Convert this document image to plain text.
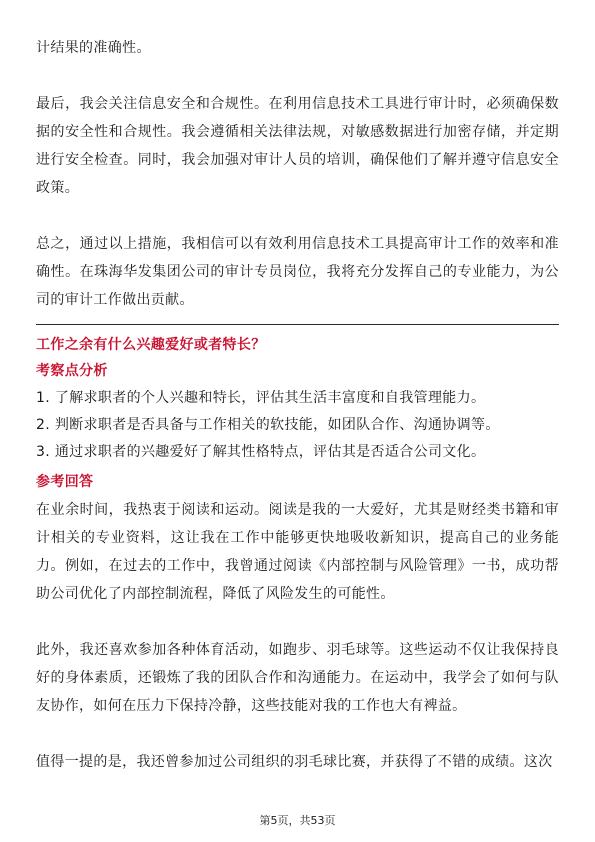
计结果的准确性。

最后，我会关注信息安全和合规性。在利用信息技术工具进行审计时，必须确保数据的安全性和合规性。我会遵循相关法律法规，对敏感数据进行加密存储，并定期进行安全检查。同时，我会加强对审计人员的培训，确保他们了解并遵守信息安全政策。

总之，通过以上措施，我相信可以有效利用信息技术工具提高审计工作的效率和准确性。在珠海华发集团公司的审计专员岗位，我将充分发挥自己的专业能力，为公司的审计工作做出贡献。

工作之余有什么兴趣爱好或者特长？
考察点分析
1. 了解求职者的个人兴趣和特长，评估其生活丰富度和自我管理能力。
2. 判断求职者是否具备与工作相关的软技能，如团队合作、沟通协调等。
3. 通过求职者的兴趣爱好了解其性格特点，评估其是否适合公司文化。
参考回答

在业余时间，我热衷于阅读和运动。阅读是我的一大爱好，尤其是财经类书籍和审计相关的专业资料，这让我在工作中能够更快地吸收新知识，提高自己的业务能力。例如，在过去的工作中，我曾通过阅读《内部控制与风险管理》一书，成功帮助公司优化了内部控制流程，降低了风险发生的可能性。

此外，我还喜欢参加各种体育活动，如跑步、羽毛球等。这些运动不仅让我保持良好的身体素质，还锻炼了我的团队合作和沟通能力。在运动中，我学会了如何与队友协作，如何在压力下保持冷静，这些技能对我的工作也大有裨益。

值得一提的是，我还曾参加过公司组织的羽毛球比赛，并获得了不错的成绩。这次

第5页，共53页
